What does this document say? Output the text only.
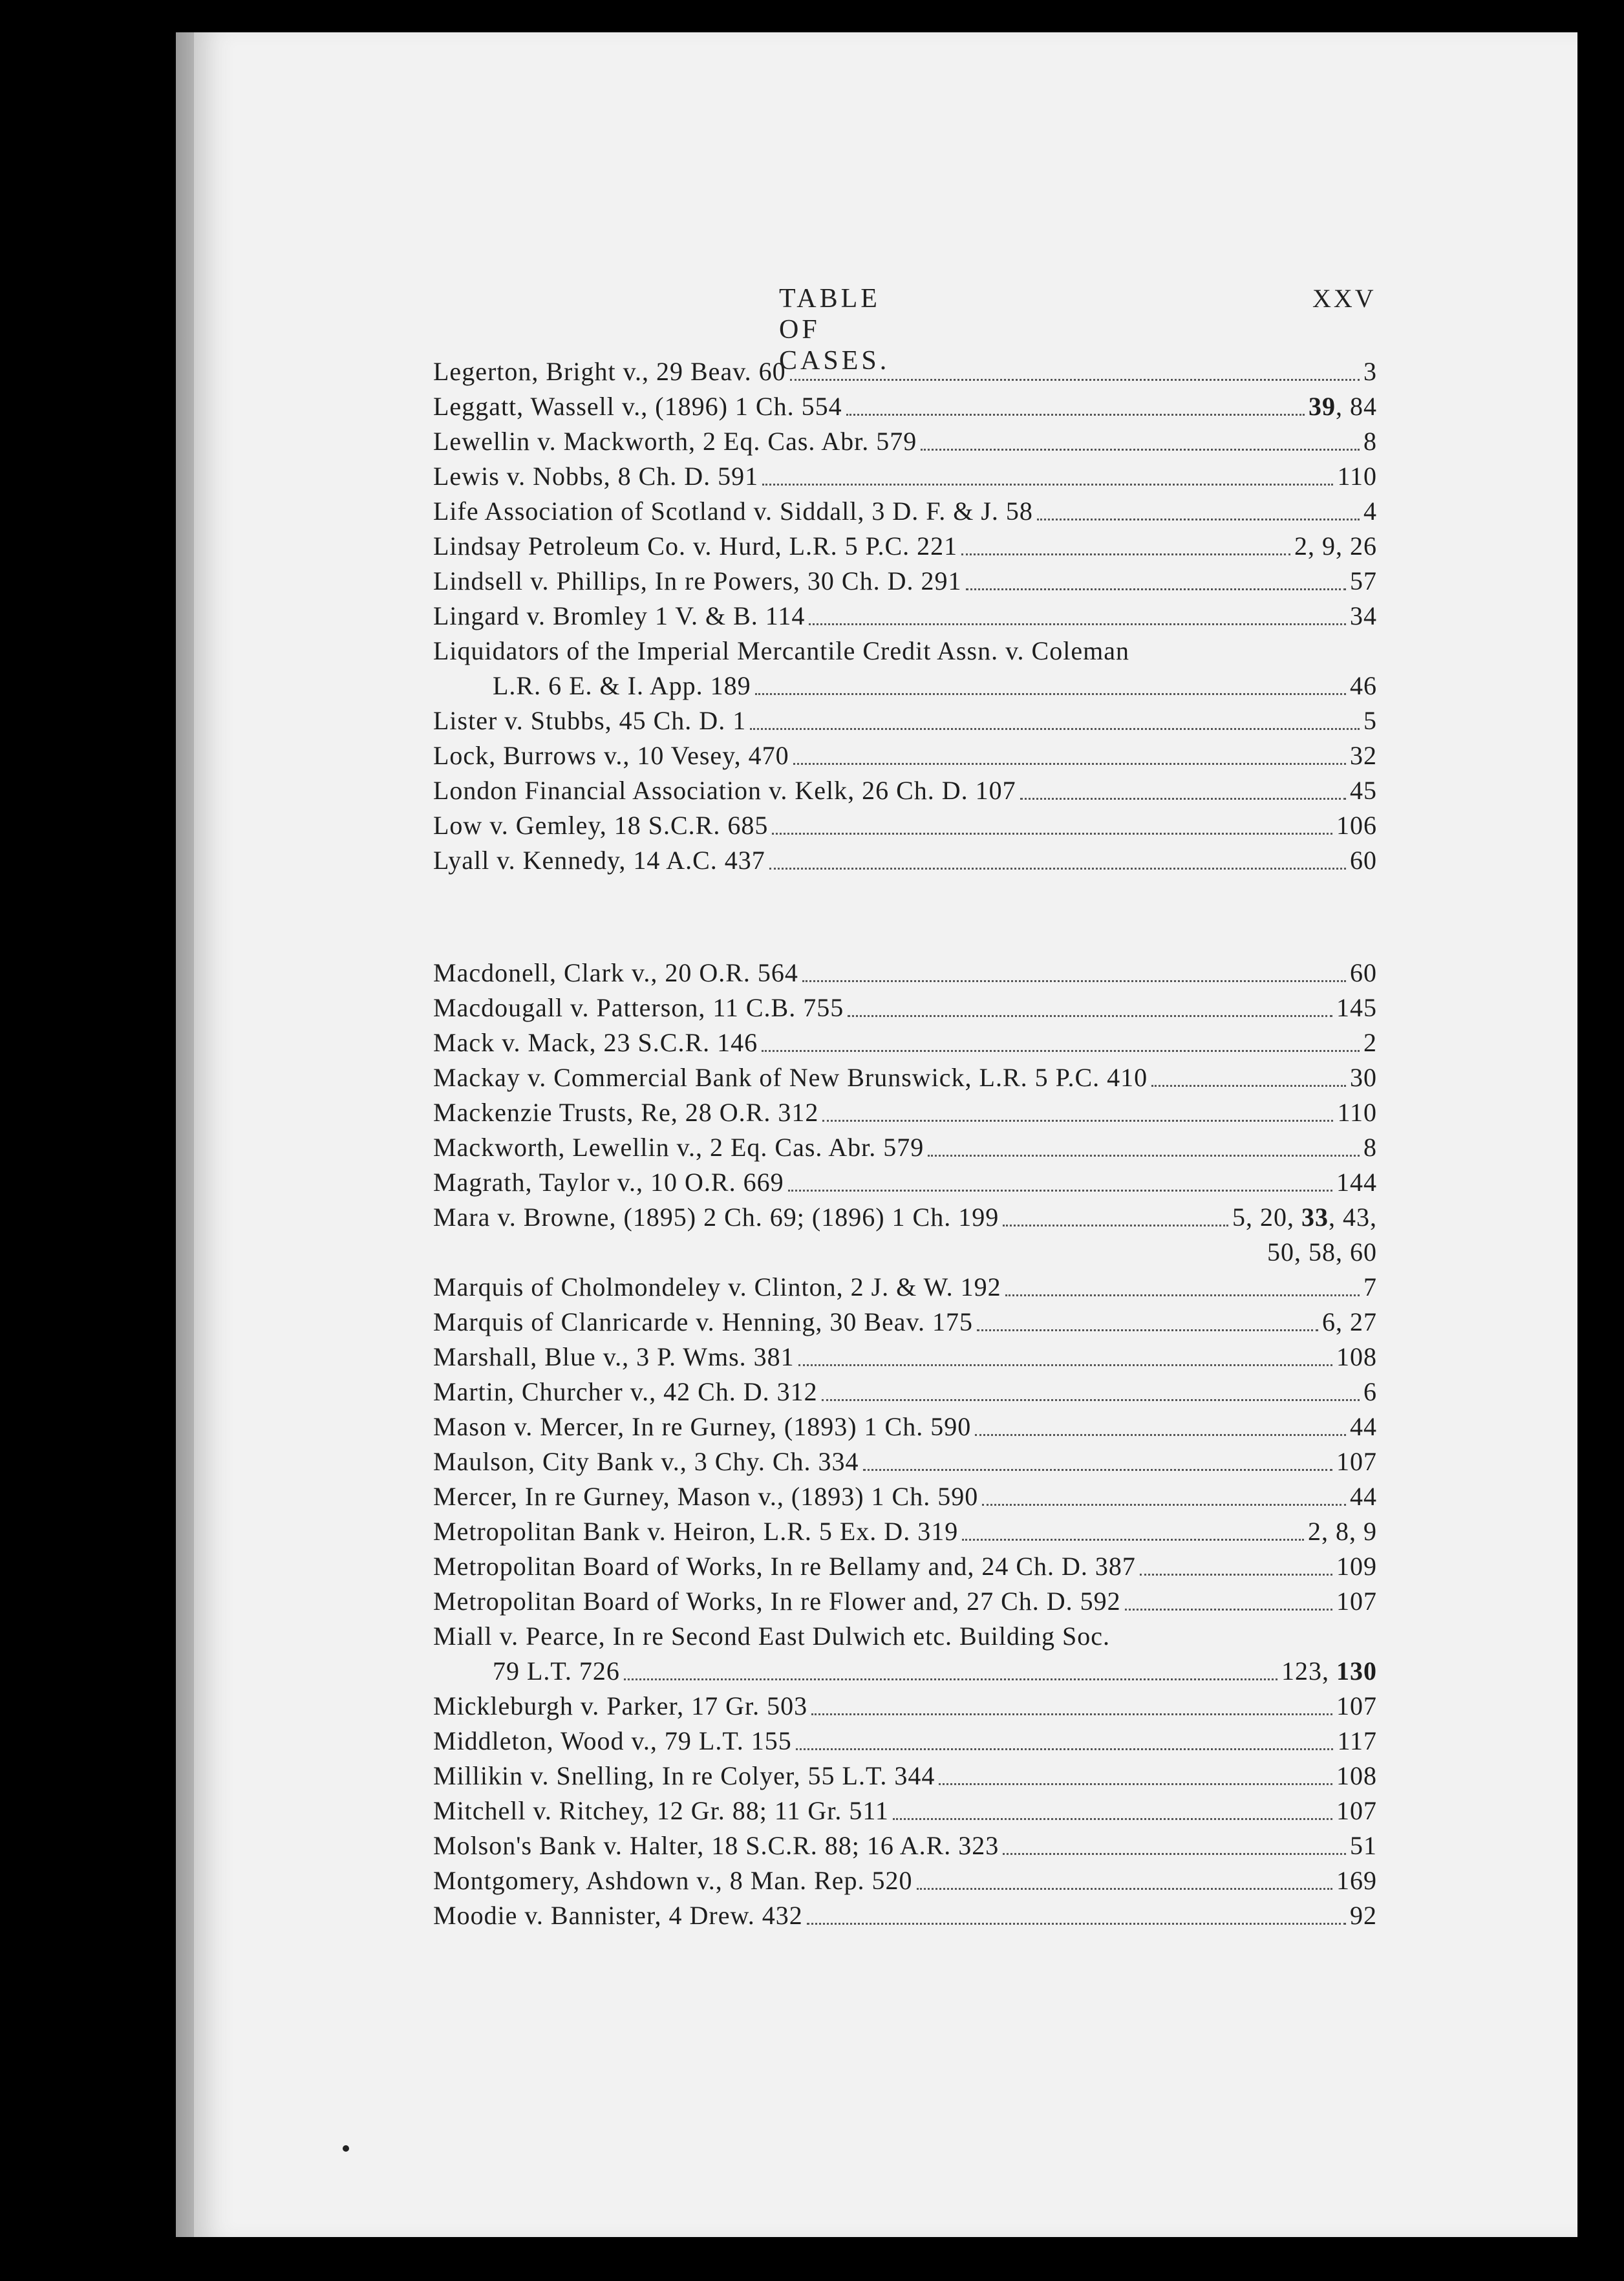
XXV
Legerton, Bright v., 29 Beav. 60	3
Leggatt, Wassell v., (1896) 1 Ch. 554	39, 84
Lewellin v. Mackworth, 2 Eq. Cas. Abr. 579	8
Lewis v. Nobbs, 8 Ch. D. 591	110
Life Association of Scotland v. Siddall, 3 D. F. & J. 58	4
Lindsay Petroleum Co. v. Hurd, L.R. 5 P.C. 221	2, 9, 26
Lindsell v. Phillips, In re Powers, 30 Ch. D. 291	57
Lingard v. Bromley 1 V. & B. 114	34
Liquidators of the Imperial Mercantile Credit Assn. v. Coleman
L.R. 6 E. & I. App. 189	46
Lister v. Stubbs, 45 Ch. D. 1	5
Lock, Burrows v., 10 Vesey, 470	32
London Financial Association v. Kelk, 26 Ch. D. 107	45
Low v. Gemley, 18 S.C.R. 685	106
Lyall v. Kennedy, 14 A.C. 437	60
Macdonell, Clark v., 20 O.R. 564	60
Macdougall v. Patterson, 11 C.B. 755	145
Mack v. Mack, 23 S.C.R. 146	2
Mackay v. Commercial Bank of New Brunswick, L.R. 5 P.C. 410	30
Mackenzie Trusts, Re, 28 O.R. 312	110
Mackworth, Lewellin v., 2 Eq. Cas. Abr. 579	8
Magrath, Taylor v., 10 O.R. 669	144
Mara v. Browne, (1895) 2 Ch. 69; (1896) 1 Ch. 199	5, 20, 33, 43,
50, 58, 60
Marquis of Cholmondeley v. Clinton, 2 J. & W. 192	7
Marquis of Clanricarde v. Henning, 30 Beav. 175	6, 27
Marshall, Blue v., 3 P. Wms. 381	108
Martin, Churcher v., 42 Ch. D. 312	6
Mason v. Mercer, In re Gurney, (1893) 1 Ch. 590	44
Maulson, City Bank v., 3 Chy. Ch. 334	107
Mercer, In re Gurney, Mason v., (1893) 1 Ch. 590	44
Metropolitan Bank v. Heiron, L.R. 5 Ex. D. 319	2, 8, 9
Metropolitan Board of Works, In re Bellamy and, 24 Ch. D. 387	109
Metropolitan Board of Works, In re Flower and, 27 Ch. D. 592	107
Miall v. Pearce, In re Second East Dulwich etc. Building Soc.
79 L.T. 726	123, 130
Mickleburgh v. Parker, 17 Gr. 503	107
Middleton, Wood v., 79 L.T. 155	117
Millikin v. Snelling, In re Colyer, 55 L.T. 344	108
Mitchell v. Ritchey, 12 Gr. 88; 11 Gr. 511	107
Molson's Bank v. Halter, 18 S.C.R. 88; 16 A.R. 323	51
Montgomery, Ashdown v., 8 Man. Rep. 520	169
Moodie v. Bannister, 4 Drew. 432	92
